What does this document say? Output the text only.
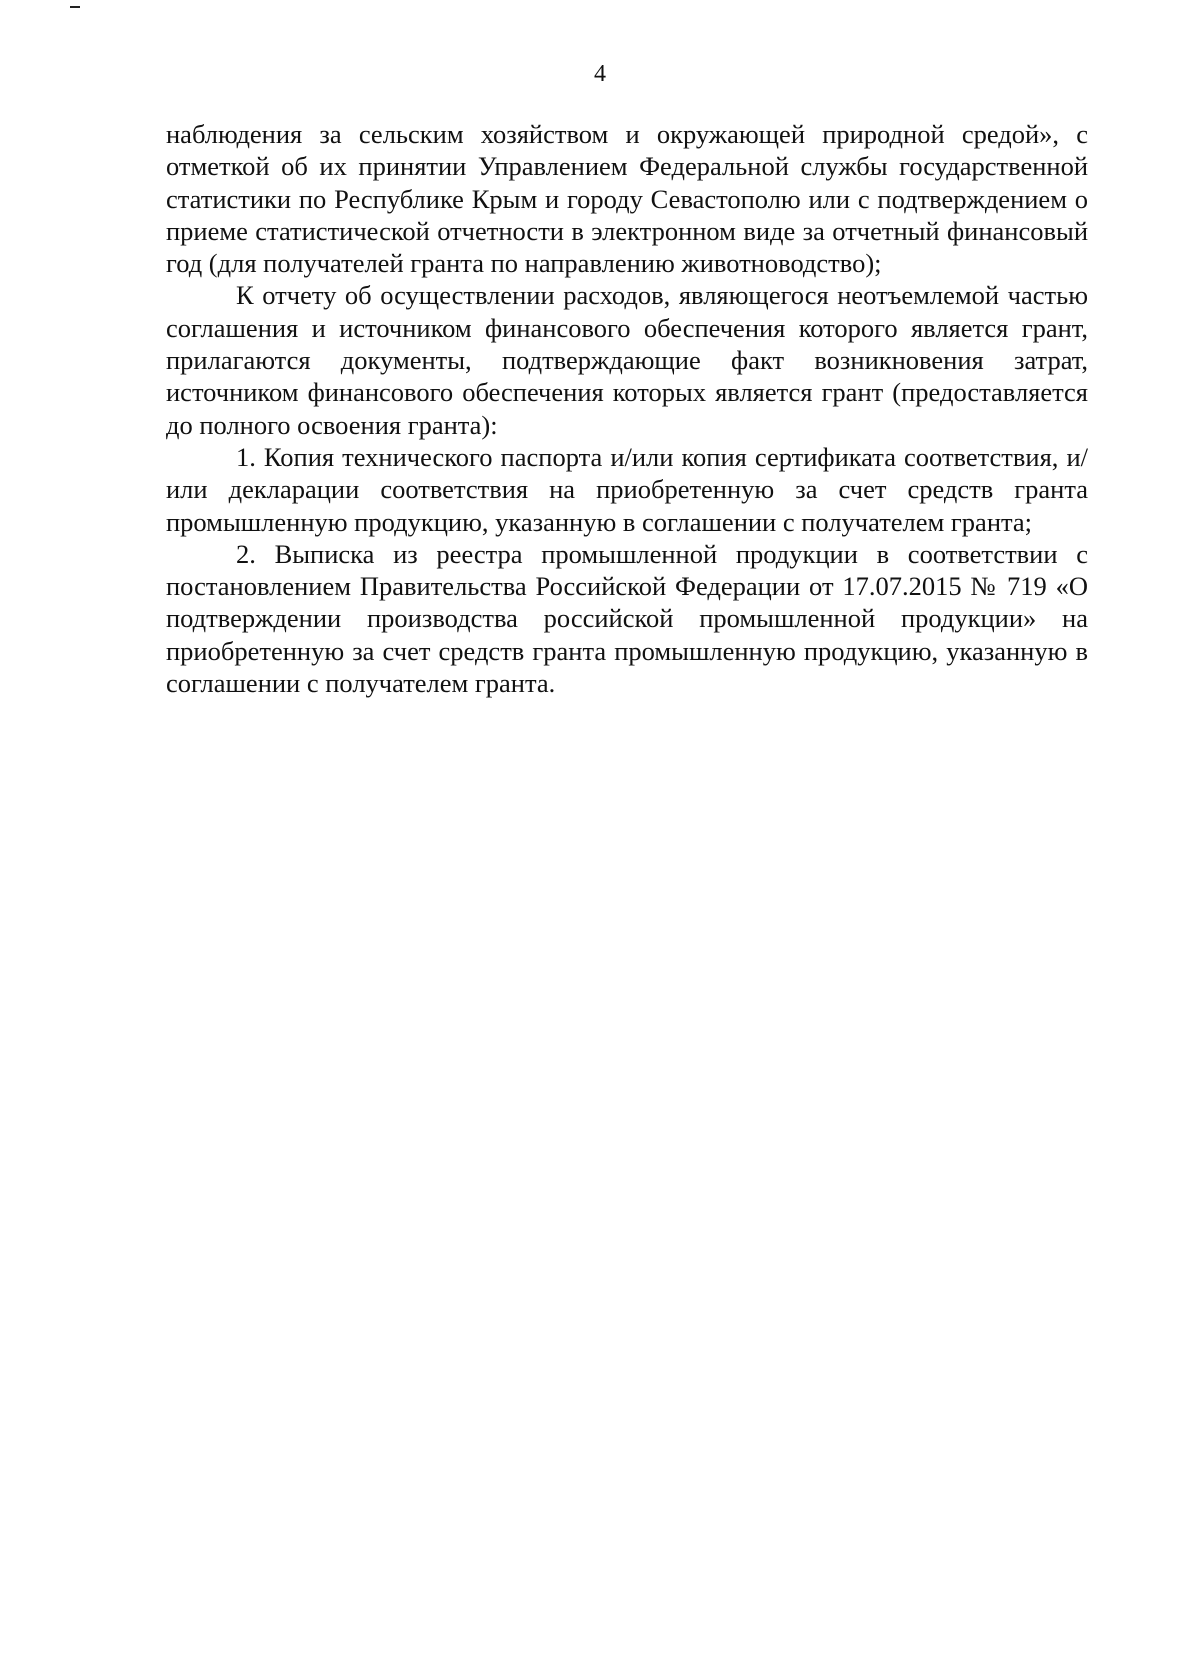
4

наблюдения за сельским хозяйством и окружающей природной средой», с отметкой об их принятии Управлением Федеральной службы государственной статистики по Республике Крым и городу Севастополю или с подтверждением о приеме статистической отчетности в электронном виде за отчетный финансовый год (для получателей гранта по направлению животноводство);

К отчету об осуществлении расходов, являющегося неотъемлемой частью соглашения и источником финансового обеспечения которого является грант, прилагаются документы, подтверждающие факт возникновения затрат, источником финансового обеспечения которых является грант (предоставляется до полного освоения гранта):

1. Копия технического паспорта и/или копия сертификата соответствия, и/или декларации соответствия на приобретенную за счет средств гранта промышленную продукцию, указанную в соглашении с получателем гранта;

2. Выписка из реестра промышленной продукции в соответствии с постановлением Правительства Российской Федерации от 17.07.2015 № 719 «О подтверждении производства российской промышленной продукции» на приобретенную за счет средств гранта промышленную продукцию, указанную в соглашении с получателем гранта.
